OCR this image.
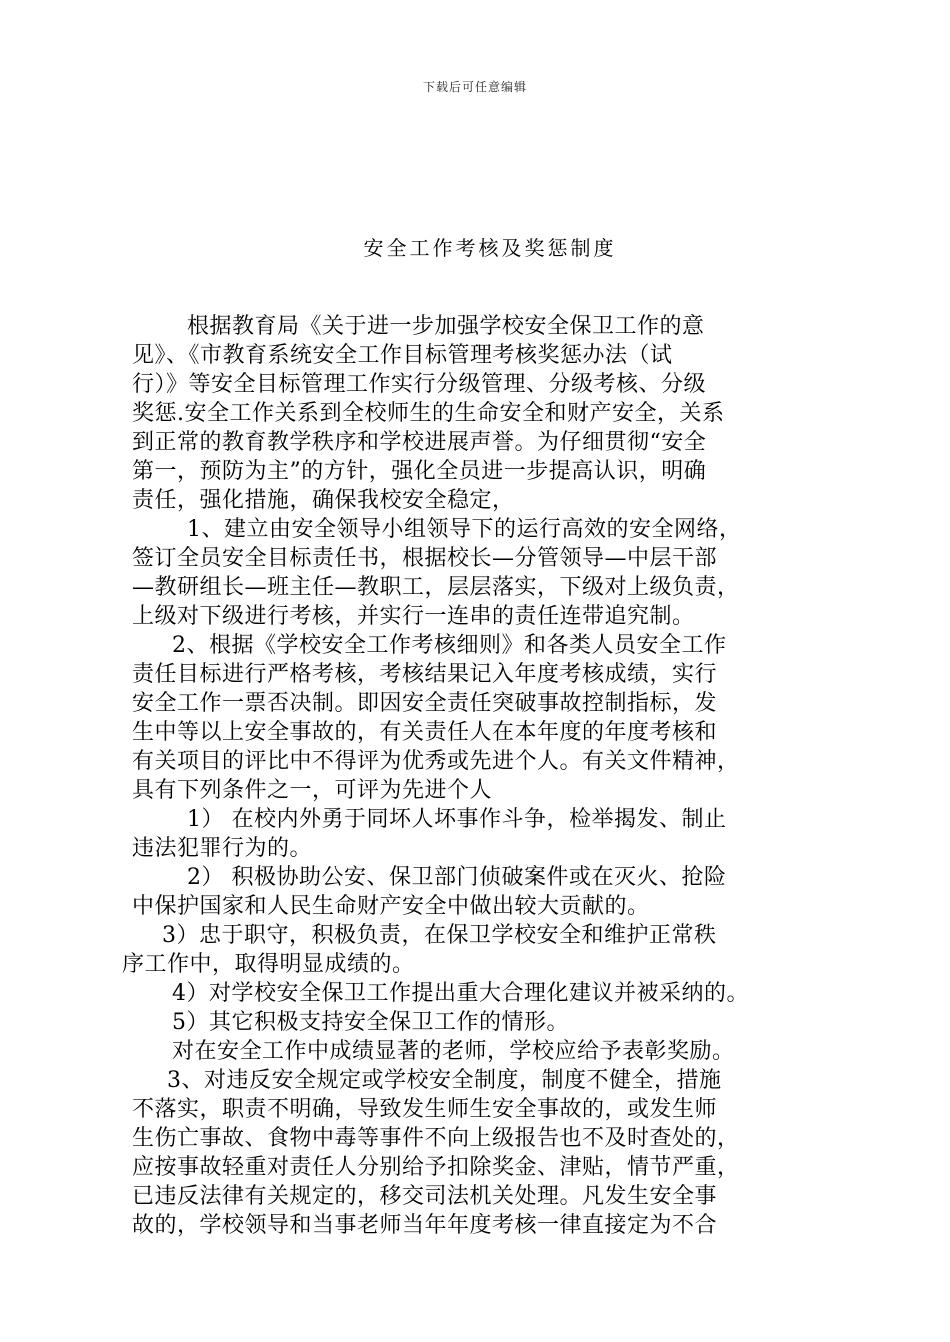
下载后可任意编辑
安全工作考核及奖惩制度
根据教育局《关于进一步加强学校安全保卫工作的意
见》、《市教育系统安全工作目标管理考核奖惩办法（试
行）》等安全目标管理工作实行分级管理、分级考核、分级
奖惩.安全工作关系到全校师生的生命安全和财产安全，关系
到正常的教育教学秩序和学校进展声誉。为仔细贯彻“安全
第一，预防为主”的方针，强化全员进一步提高认识，明确
责任，强化措施，确保我校安全稳定，
1、建立由安全领导小组领导下的运行高效的安全网络，
签订全员安全目标责任书，根据校长—分管领导—中层干部
—教研组长—班主任—教职工，层层落实，下级对上级负责，
上级对下级进行考核，并实行一连串的责任连带追究制。
2、根据《学校安全工作考核细则》和各类人员安全工作
责任目标进行严格考核，考核结果记入年度考核成绩，实行
安全工作一票否决制。即因安全责任突破事故控制指标，发
生中等以上安全事故的，有关责任人在本年度的年度考核和
有关项目的评比中不得评为优秀或先进个人。有关文件精神，
具有下列条件之一，可评为先进个人
1） 在校内外勇于同坏人坏事作斗争，检举揭发、制止
违法犯罪行为的。
2） 积极协助公安、保卫部门侦破案件或在灭火、抢险
中保护国家和人民生命财产安全中做出较大贡献的。
3）忠于职守，积极负责，在保卫学校安全和维护正常秩
序工作中，取得明显成绩的。
4）对学校安全保卫工作提出重大合理化建议并被采纳的。
5）其它积极支持安全保卫工作的情形。
对在安全工作中成绩显著的老师，学校应给予表彰奖励。
3、对违反安全规定或学校安全制度，制度不健全，措施
不落实，职责不明确，导致发生师生安全事故的，或发生师
生伤亡事故、食物中毒等事件不向上级报告也不及时查处的，
应按事故轻重对责任人分别给予扣除奖金、津贴，情节严重，
已违反法律有关规定的，移交司法机关处理。凡发生安全事
故的，学校领导和当事老师当年年度考核一律直接定为不合
